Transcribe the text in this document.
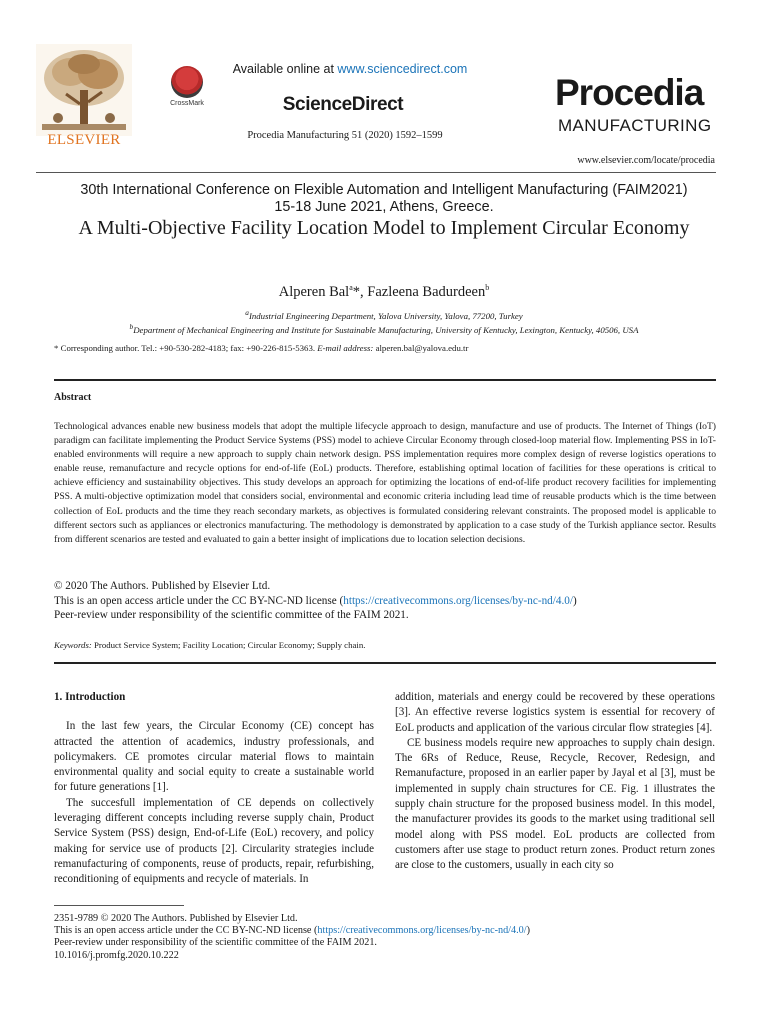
ELSEVIER
CrossMark
Available online at www.sciencedirect.com
ScienceDirect
Procedia Manufacturing 51 (2020) 1592–1599
Procedia
MANUFACTURING
www.elsevier.com/locate/procedia
30th International Conference on Flexible Automation and Intelligent Manufacturing (FAIM2021)
15-18 June 2021, Athens, Greece.
A Multi-Objective Facility Location Model to Implement Circular Economy
Alperen Bal$^a$*, Fazleena Badurdeen$^b$
$^a$Industrial Engineering Department, Yalova University, Yalova, 77200, Turkey
$^b$Department of Mechanical Engineering and Institute for Sustainable Manufacturing, University of Kentucky, Lexington, Kentucky, 40506, USA
* Corresponding author. Tel.: +90-530-282-4183; fax: +90-226-815-5363. E-mail address: alperen.bal@yalova.edu.tr
Abstract
Technological advances enable new business models that adopt the multiple lifecycle approach to design, manufacture and use of products. The Internet of Things (IoT) paradigm can facilitate implementing the Product Service Systems (PSS) model to achieve Circular Economy through closed-loop material flow. Implementing PSS in IoT-enabled environments will require a new approach to supply chain network design. PSS implementation requires more complex design of reverse logistics operations to enable reuse, remanufacture and recycle options for end-of-life (EoL) products. Therefore, establishing optimal location of facilities for these operations is critical to achieve efficiency and sustainability objectives. This study develops an approach for optimizing the locations of end-of-life product recovery facilities for implementing PSS. A multi-objective optimization model that considers social, environmental and economic criteria including lead time of reusable products which is the time between collection of EoL products and the time they reach secondary markets, as objectives is formulated considering relevant constraints. The proposed model is applicable to different sectors such as appliances or electronics manufacturing. The methodology is demonstrated by application to a case study of the Turkish appliance sector. Results from different scenarios are tested and evaluated to gain a better insight of implications due to location selection decisions.
© 2020 The Authors. Published by Elsevier Ltd.
This is an open access article under the CC BY-NC-ND license (https://creativecommons.org/licenses/by-nc-nd/4.0/)
Peer-review under responsibility of the scientific committee of the FAIM 2021.
Keywords: Product Service System; Facility Location; Circular Economy; Supply chain.

1. Introduction

In the last few years, the Circular Economy (CE) concept has attracted the attention of academics, industry professionals, and policymakers. CE promotes circular material flows to maintain environmental quality and social equity to create a sustainable world for future generations [1].

The succesfull implementation of CE depends on collectively leveraging different concepts including reverse supply chain, Product Service System (PSS) design, End-of-Life (EoL) recovery, and policy making for service use of products [2]. Circularity strategies include remanufacturing of components, reuse of products, repair, refurbishing, reconditioning of equipments and recycle of materials. In

addition, materials and energy could be recovered by these operations [3]. An effective reverse logistics system is essential for recovery of EoL products and application of the various circular flow strategies [4].

CE business models require new approaches to supply chain design. The 6Rs of Reduce, Reuse, Recycle, Recover, Redesign, and Remanufacture, proposed in an earlier paper by Jayal et al [3], must be implemented in supply chain structures for CE. Fig. 1 illustrates the supply chain structure for the proposed business model. In this model, the manufacturer provides its goods to the market using traditional sell model along with PSS model. EoL products are collected from customers after use stage to product return zones. Product return zones are close to the customers, usually in each city so

2351-9789 © 2020 The Authors. Published by Elsevier Ltd.
This is an open access article under the CC BY-NC-ND license (https://creativecommons.org/licenses/by-nc-nd/4.0/)
Peer-review under responsibility of the scientific committee of the FAIM 2021.
10.1016/j.promfg.2020.10.222
